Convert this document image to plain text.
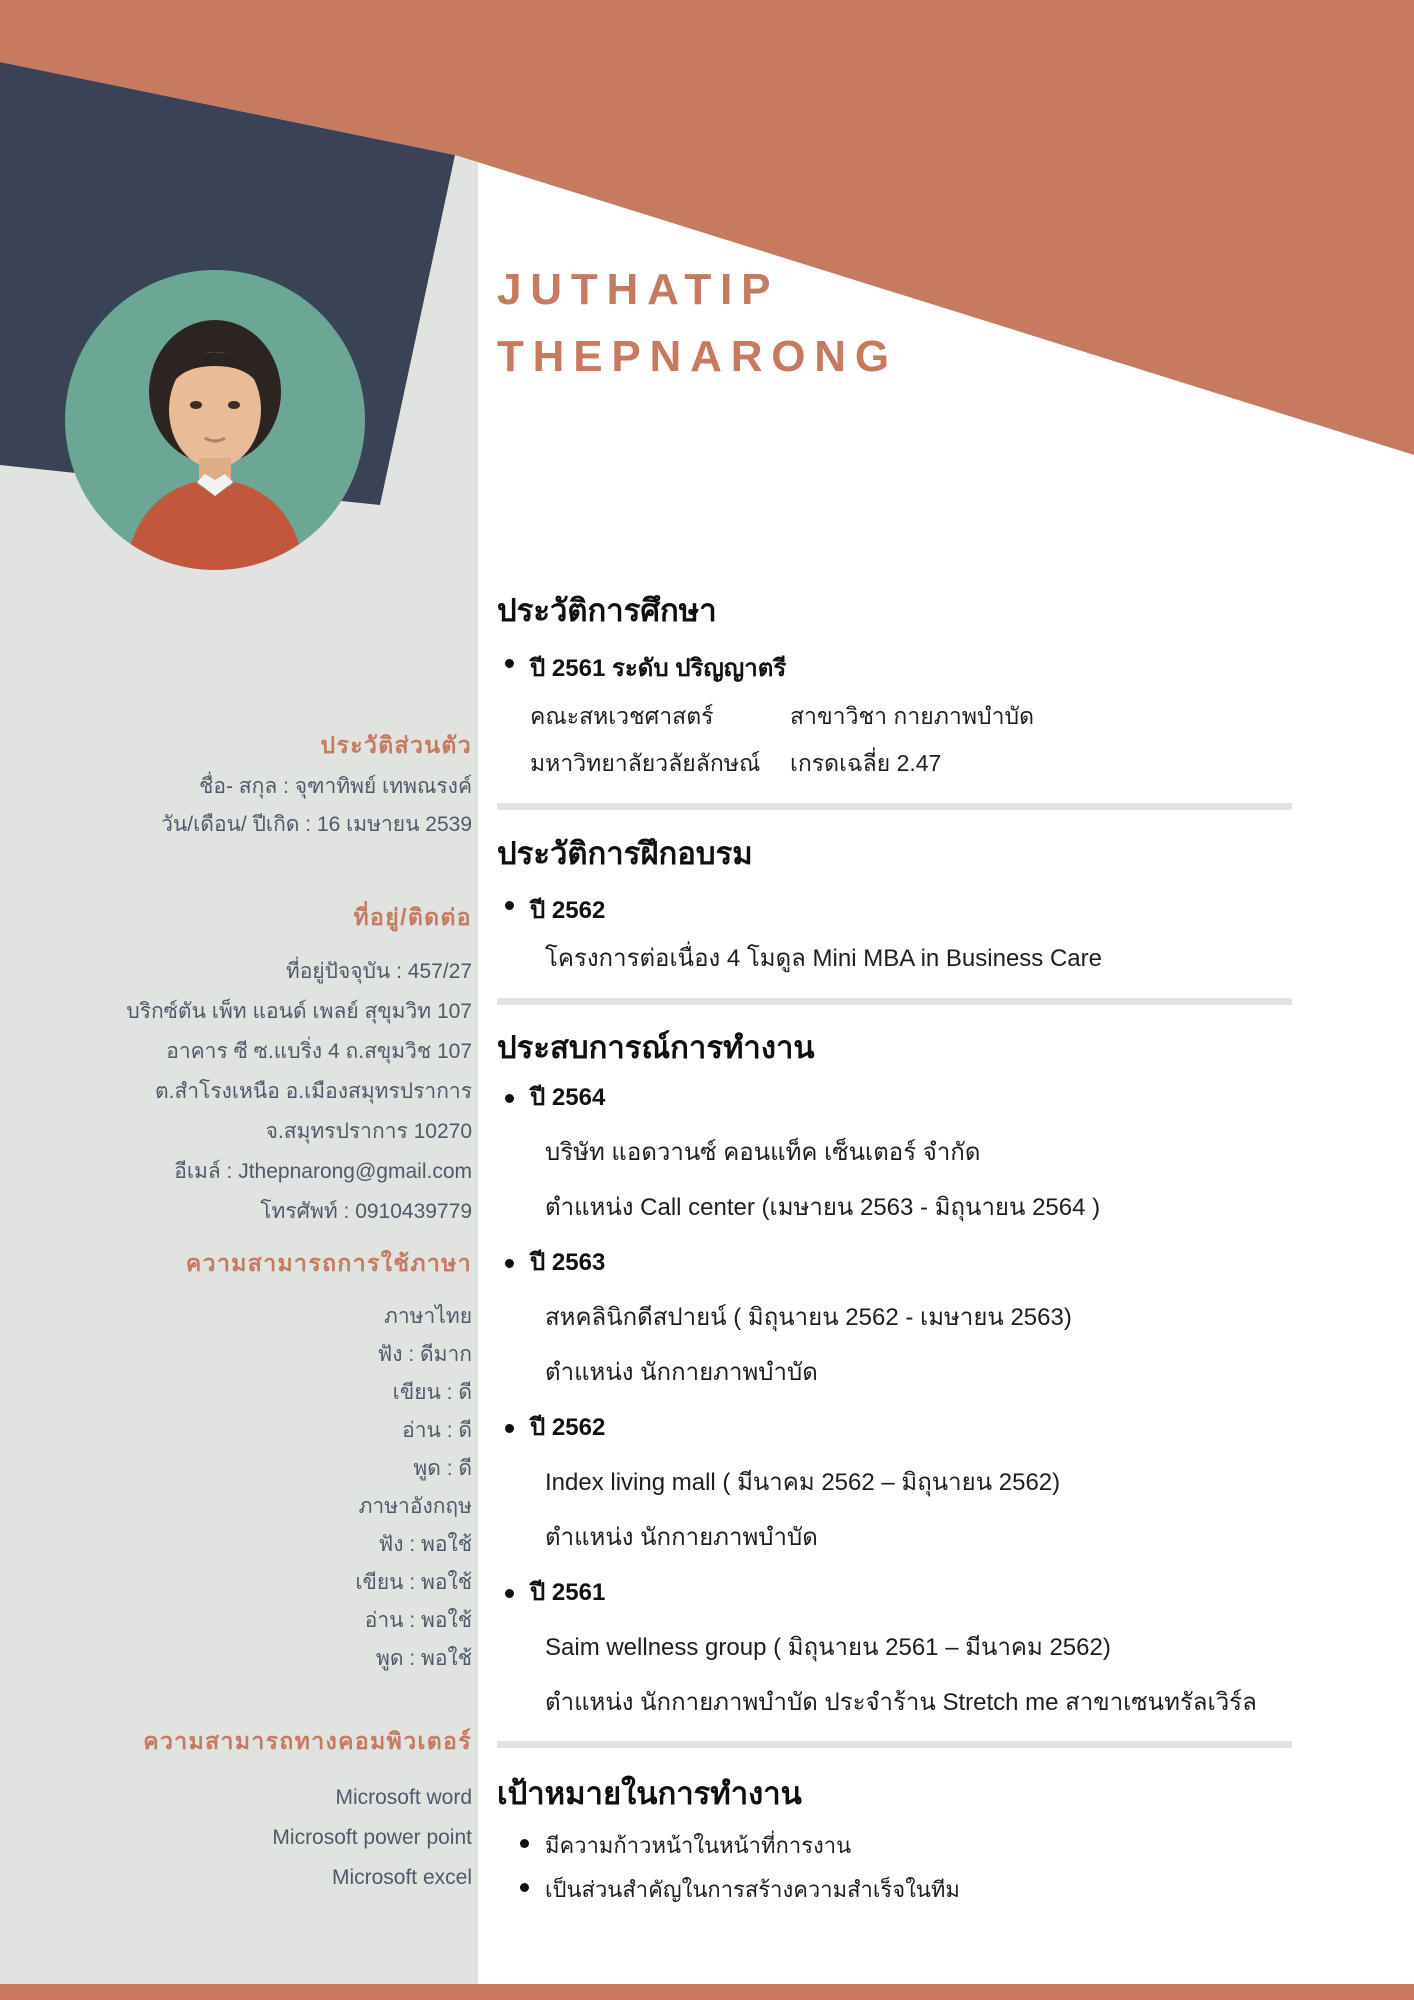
JUTHATIP
THEPNARONG
ประวัติส่วนตัว
ชื่อ- สกุล : จุฑาทิพย์ เทพณรงค์
วัน/เดือน/ ปีเกิด : 16 เมษายน 2539
ที่อยู่/ติดต่อ
ที่อยู่ปัจจุบัน : 457/27
บริกซ์ตัน เพ็ท แอนด์ เพลย์ สุขุมวิท 107
อาคาร ซี ซ.แบริ่ง 4 ถ.สขุมวิช 107
ต.สำโรงเหนือ อ.เมืองสมุทรปราการ
จ.สมุทรปราการ 10270
อีเมล์ : Jthepnarong@gmail.com
โทรศัพท์ : 0910439779
ความสามารถการใช้ภาษา
ภาษาไทย
ฟัง : ดีมาก
เขียน : ดี
อ่าน : ดี
พูด : ดี
ภาษาอังกฤษ
ฟัง : พอใช้
เขียน : พอใช้
อ่าน : พอใช้
พูด : พอใช้
ความสามารถทางคอมพิวเตอร์
Microsoft word
Microsoft power point
Microsoft excel
ประวัติการศึกษา
ปี 2561 ระดับ ปริญญาตรี
คณะสหเวชศาสตร์	สาขาวิชา กายภาพบำบัด
มหาวิทยาลัยวลัยลักษณ์ เกรดเฉลี่ย 2.47
ประวัติการฝึกอบรม
ปี 2562
โครงการต่อเนื่อง 4 โมดูล Mini MBA in Business Care
ประสบการณ์การทำงาน
ปี 2564
บริษัท แอดวานซ์ คอนแท็ค เซ็นเตอร์ จำกัด
ตำแหน่ง Call center (เมษายน 2563 - มิถุนายน 2564 )
ปี 2563
สหคลินิกดีสปายน์ ( มิถุนายน 2562 - เมษายน 2563)
ตำแหน่ง นักกายภาพบำบัด
ปี 2562
Index living mall ( มีนาคม 2562 – มิถุนายน 2562)
ตำแหน่ง นักกายภาพบำบัด
ปี 2561
Saim wellness group ( มิถุนายน 2561 – มีนาคม 2562)
ตำแหน่ง นักกายภาพบำบัด ประจำร้าน Stretch me สาขาเซนทรัลเวิร์ล
เป้าหมายในการทำงาน
มีความก้าวหน้าในหน้าที่การงาน
เป็นส่วนสำคัญในการสร้างความสำเร็จในทีม
